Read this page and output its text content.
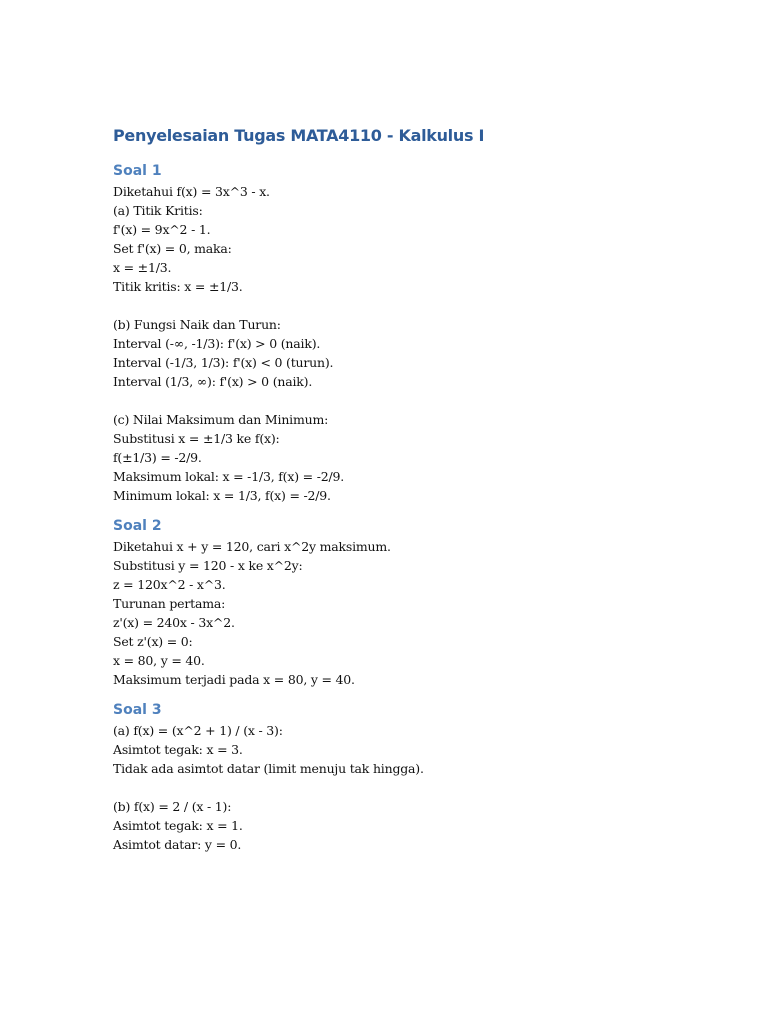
Penyelesaian Tugas MATA4110 - Kalkulus I
Soal 1
Diketahui f(x) = 3x^3 - x.
(a) Titik Kritis:
f'(x) = 9x^2 - 1.
Set f'(x) = 0, maka:
x = ±1/3.
Titik kritis: x = ±1/3.
(b) Fungsi Naik dan Turun:
Interval (-∞, -1/3): f'(x) > 0 (naik).
Interval (-1/3, 1/3): f'(x) < 0 (turun).
Interval (1/3, ∞): f'(x) > 0 (naik).
(c) Nilai Maksimum dan Minimum:
Substitusi x = ±1/3 ke f(x):
f(±1/3) = -2/9.
Maksimum lokal: x = -1/3, f(x) = -2/9.
Minimum lokal: x = 1/3, f(x) = -2/9.
Soal 2
Diketahui x + y = 120, cari x^2y maksimum.
Substitusi y = 120 - x ke x^2y:
z = 120x^2 - x^3.
Turunan pertama:
z'(x) = 240x - 3x^2.
Set z'(x) = 0:
x = 80, y = 40.
Maksimum terjadi pada x = 80, y = 40.
Soal 3
(a) f(x) = (x^2 + 1) / (x - 3):
Asimtot tegak: x = 3.
Tidak ada asimtot datar (limit menuju tak hingga).
(b) f(x) = 2 / (x - 1):
Asimtot tegak: x = 1.
Asimtot datar: y = 0.
